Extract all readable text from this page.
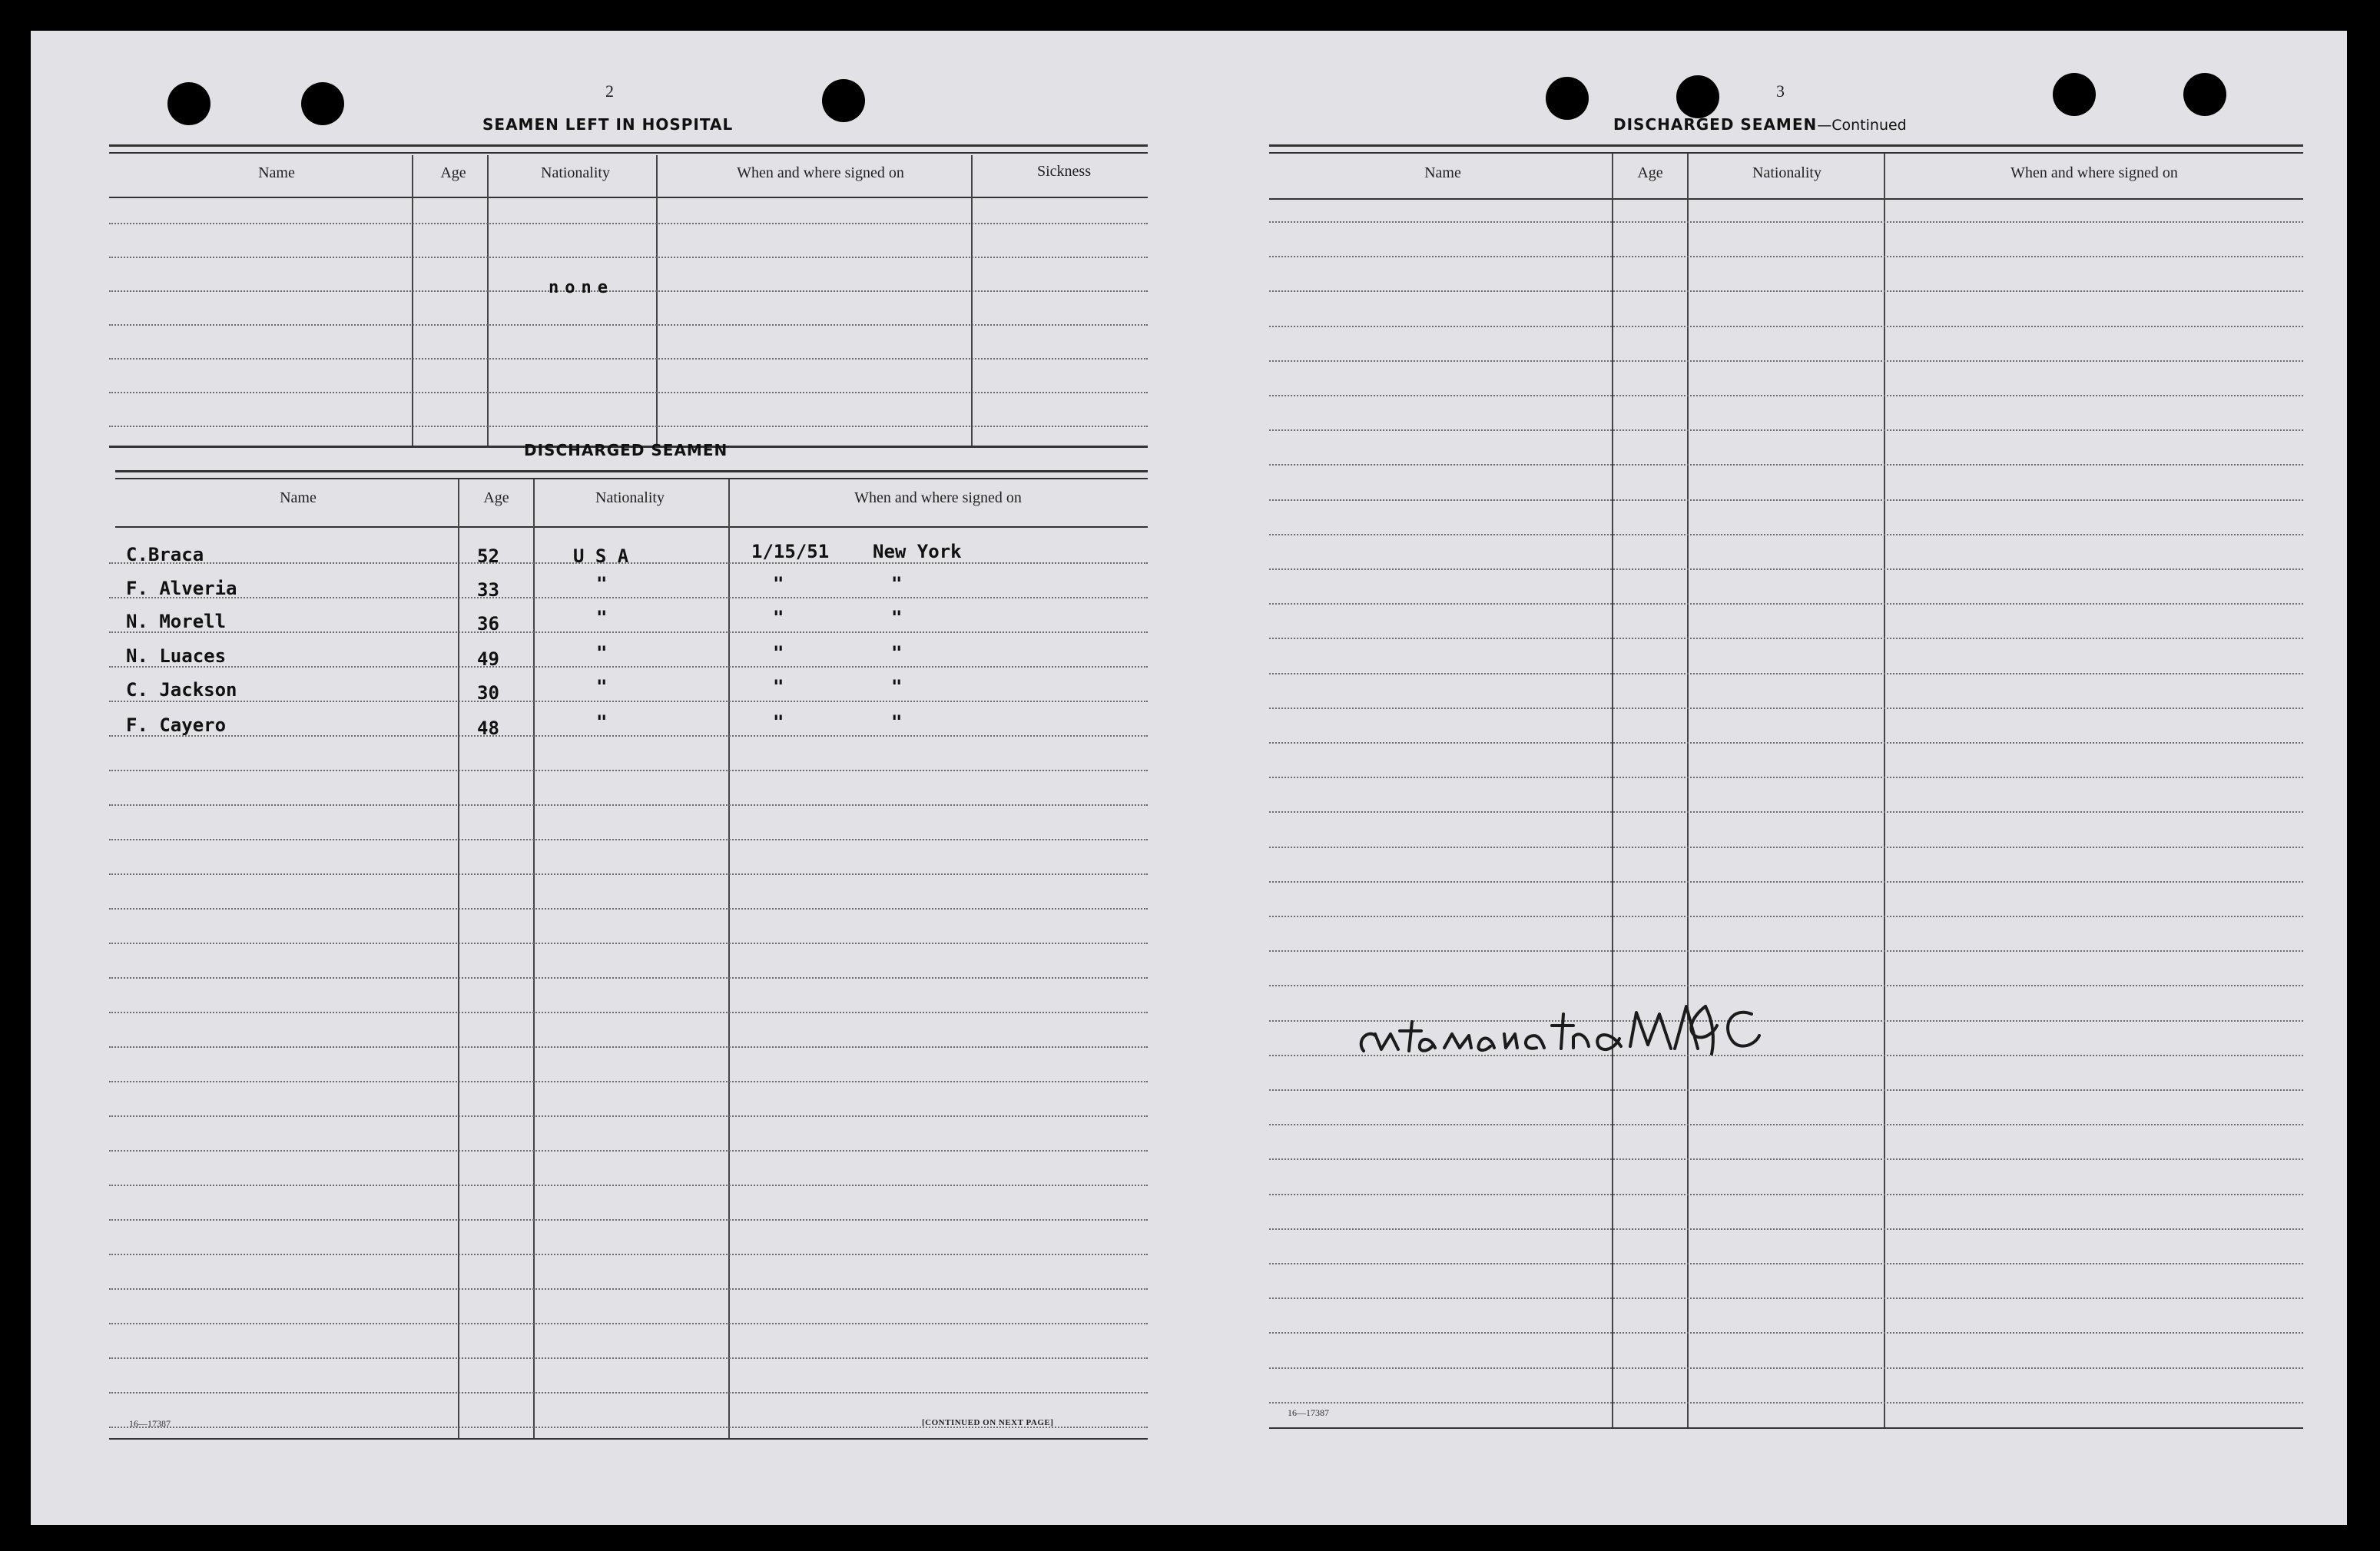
2
SEAMEN LEFT IN HOSPITAL
Name	Age	Nationality	When and where signed on	Sickness
none
DISCHARGED SEAMEN
Name	Age	Nationality	When and where signed on
C.Braca	52	U S A	1/15/51 New York
F. Alveria	33	"	"	"
N. Morell	36	"	"	"
N. Luaces	49	"	"	"
C. Jackson	30	"	"	"
F. Cayero	48	"	"	"
16—17387	[CONTINUED ON NEXT PAGE]
3
DISCHARGED SEAMEN—Continued
Name	Age	Nationality	When and where signed on
16—17387
